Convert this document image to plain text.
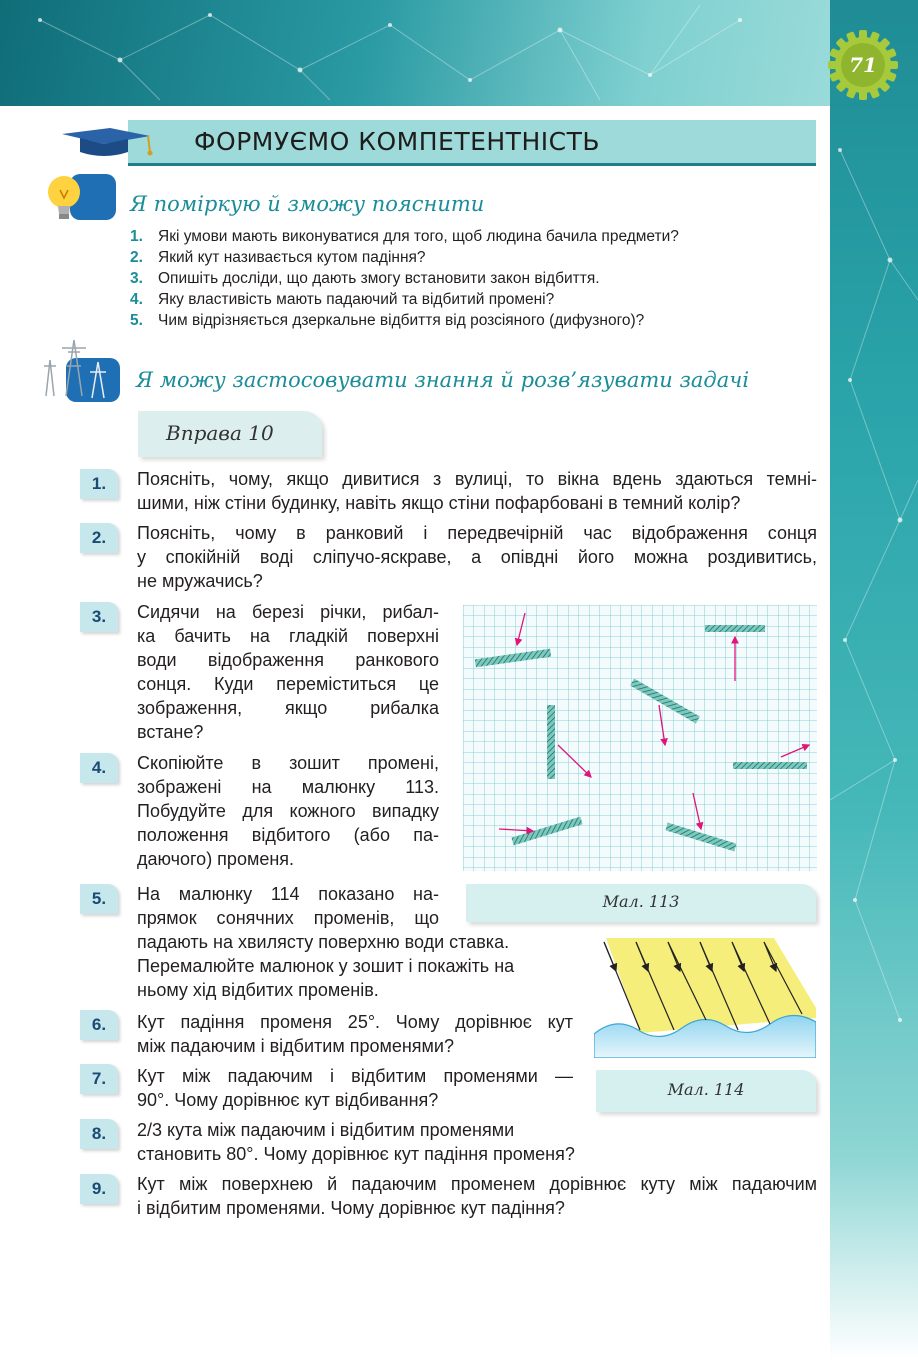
71
ФОРМУЄМО КОМПЕТЕНТНІСТЬ
Я поміркую й зможу пояснити
1. Які умови мають виконуватися для того, щоб людина бачила предмети?
2. Який кут називається кутом падіння?
3. Опишіть досліди, що дають змогу встановити закон відбиття.
4. Яку властивість мають падаючий та відбитий промені?
5. Чим відрізняється дзеркальне відбиття від розсіяного (дифузного)?
Я можу застосовувати знання й розв’язувати задачі
Вправа 10
1.	Поясніть, чому, якщо дивитися з вулиці, то вікна вдень здаються темні-
шими, ніж стіни будинку, навіть якщо стіни пофарбовані в темний колір?
2.	Поясніть, чому в ранковий і передвечірній час відображення сонця
у спокійній воді сліпучо-яскраве, а опівдні його можна роздивитись,
не мружачись?
3.	Сидячи на березі річки, рибал-
ка бачить на гладкій поверхні
води відображення ранкового
сонця. Куди переміститься це
зображення, якщо рибалка
встане?
4.	Скопіюйте в зошит промені,
зображені на малюнку 113.
Побудуйте для кожного випадку
положення відбитого (або па-
даючого) променя.
5.	На малюнку 114 показано на-
прямок сонячних променів, що
падають на хвилясту поверхню води ставка.
Перемалюйте малюнок у зошит і покажіть на
ньому хід відбитих променів.
6.	Кут падіння променя 25°. Чому дорівнює кут
між падаючим і відбитим променями?
7.	Кут між падаючим і відбитим променями —
90°. Чому дорівнює кут відбивання?
8.	2/3 кута між падаючим і відбитим променями
становить 80°. Чому дорівнює кут падіння променя?
9.	Кут між поверхнею й падаючим променем дорівнює куту між падаючим
і відбитим променями. Чому дорівнює кут падіння?
Мал. 113
Мал. 114
